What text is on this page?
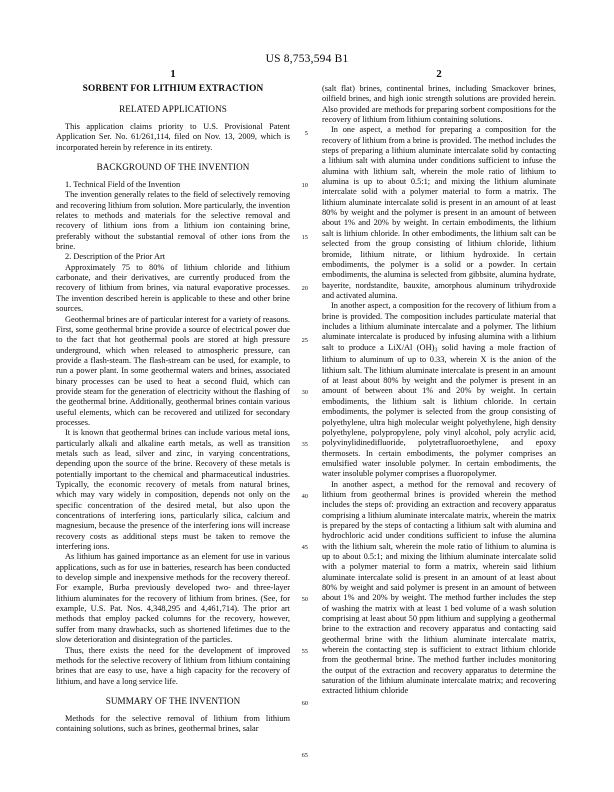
US 8,753,594 B1
1
SORBENT FOR LITHIUM EXTRACTION
RELATED APPLICATIONS

This application claims priority to U.S. Provisional Patent Application Ser. No. 61/261,114, filed on Nov. 13, 2009, which is incorporated herein by reference in its entirety.

BACKGROUND OF THE INVENTION

1. Technical Field of the Invention

The invention generally relates to the field of selectively removing and recovering lithium from solution. More particularly, the invention relates to methods and materials for the selective removal and recovery of lithium ions from a lithium ion containing brine, preferably without the substantial removal of other ions from the brine.

2. Description of the Prior Art

Approximately 75 to 80% of lithium chloride and lithium carbonate, and their derivatives, are currently produced from the recovery of lithium from brines, via natural evaporative processes. The invention described herein is applicable to these and other brine sources.

Geothermal brines are of particular interest for a variety of reasons. First, some geothermal brine provide a source of electrical power due to the fact that hot geothermal pools are stored at high pressure underground, which when released to atmospheric pressure, can provide a flash-steam. The flash-stream can be used, for example, to run a power plant. In some geothermal waters and brines, associated binary processes can be used to heat a second fluid, which can provide steam for the generation of electricity without the flashing of the geothermal brine. Additionally, geothermal brines contain various useful elements, which can be recovered and utilized for secondary processes.

It is known that geothermal brines can include various metal ions, particularly alkali and alkaline earth metals, as well as transition metals such as lead, silver and zinc, in varying concentrations, depending upon the source of the brine. Recovery of these metals is potentially important to the chemical and pharmaceutical industries. Typically, the economic recovery of metals from natural brines, which may vary widely in composition, depends not only on the specific concentration of the desired metal, but also upon the concentrations of interfering ions, particularly silica, calcium and magnesium, because the presence of the interfering ions will increase recovery costs as additional steps must be taken to remove the interfering ions.

As lithium has gained importance as an element for use in various applications, such as for use in batteries, research has been conducted to develop simple and inexpensive methods for the recovery thereof. For example, Burba previously developed two- and three-layer lithium aluminates for the recovery of lithium from brines. (See, for example, U.S. Pat. Nos. 4,348,295 and 4,461,714). The prior art methods that employ packed columns for the recovery, however, suffer from many drawbacks, such as shortened lifetimes due to the slow deterioration and disintegration of the particles.

Thus, there exists the need for the development of improved methods for the selective recovery of lithium from lithium containing brines that are easy to use, have a high capacity for the recovery of lithium, and have a long service life.

SUMMARY OF THE INVENTION

Methods for the selective removal of lithium from lithium containing solutions, such as brines, geothermal brines, salar

2

(salt flat) brines, continental brines, including Smackover brines, oilfield brines, and high ionic strength solutions are provided herein. Also provided are methods for preparing sorbent compositions for the recovery of lithium from lithium containing solutions.

In one aspect, a method for preparing a composition for the recovery of lithium from a brine is provided. The method includes the steps of preparing a lithium aluminate intercalate solid by contacting a lithium salt with alumina under conditions sufficient to infuse the alumina with lithium salt, wherein the mole ratio of lithium to alumina is up to about 0.5:1; and mixing the lithium aluminate intercalate solid with a polymer material to form a matrix. The lithium aluminate intercalate solid is present in an amount of at least 80% by weight and the polymer is present in an amount of between about 1% and 20% by weight. In certain embodiments, the lithium salt is lithium chloride. In other embodiments, the lithium salt can be selected from the group consisting of lithium chloride, lithium bromide, lithium nitrate, or lithium hydroxide. In certain embodiments, the polymer is a solid or a powder. In certain embodiments, the alumina is selected from gibbsite, alumina hydrate, bayerite, nordstandite, bauxite, amorphous aluminum trihydroxide and activated alumina.

In another aspect, a composition for the recovery of lithium from a brine is provided. The composition includes particulate material that includes a lithium aluminate intercalate and a polymer. The lithium aluminate intercalate is produced by infusing alumina with a lithium salt to produce a LiX/Al $(OH)_3$ solid having a mole fraction of lithium to aluminum of up to 0.33, wherein X is the anion of the lithium salt. The lithium aluminate intercalate is present in an amount of at least about 80% by weight and the polymer is present in an amount of between about 1% and 20% by weight. In certain embodiments, the lithium salt is lithium chloride. In certain embodiments, the polymer is selected from the group consisting of polyethylene, ultra high molecular weight polyethylene, high density polyethylene, polypropylene, poly vinyl alcohol, poly acrylic acid, polyvinylidinedifluoride, polytetrafluoroethylene, and epoxy thermosets. In certain embodiments, the polymer comprises an emulsified water insoluble polymer. In certain embodiments, the water insoluble polymer comprises a fluoropolymer.

In another aspect, a method for the removal and recovery of lithium from geothermal brines is provided wherein the method includes the steps of: providing an extraction and recovery apparatus comprising a lithium aluminate intercalate matrix, wherein the matrix is prepared by the steps of contacting a lithium salt with alumina and hydrochloric acid under conditions sufficient to infuse the alumina with the lithium salt, wherein the mole ratio of lithium to alumina is up to about 0.5:1; and mixing the lithium aluminate intercalate solid with a polymer material to form a matrix, wherein said lithium aluminate intercalate solid is present in an amount of at least about 80% by weight and said polymer is present in an amount of between about 1% and 20% by weight. The method further includes the step of washing the matrix with at least 1 bed volume of a wash solution comprising at least about 50 ppm lithium and supplying a geothermal brine to the extraction and recovery apparatus and contacting said geothermal brine with the lithium aluminate intercalate matrix, wherein the contacting step is sufficient to extract lithium chloride from the geothermal brine. The method further includes monitoring the output of the extraction and recovery apparatus to determine the saturation of the lithium aluminate intercalate matrix; and recovering extracted lithium chloride

5
10
15
20
25
30
35
40
45
50
55
60
65
